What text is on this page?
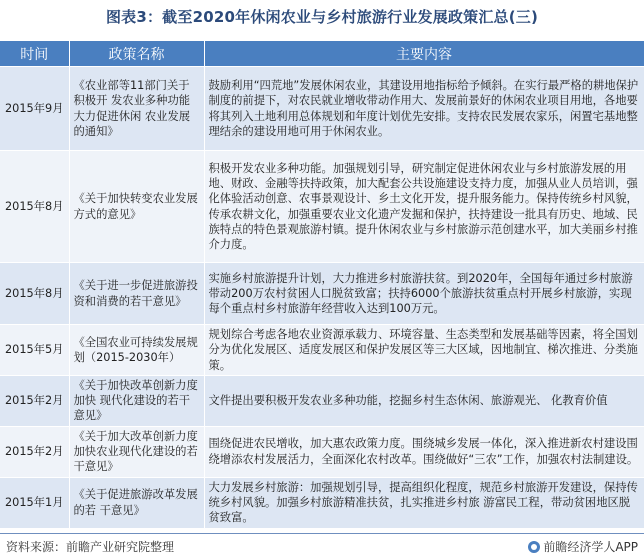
图表3：截至2020年休闲农业与乡村旅游行业发展政策汇总(三)
时间	政策名称	主要内容
2015年9月	《农业部等11部门关于积极开 发农业多种功能大力促进休闲 农业发展的通知》	鼓励利用“四荒地”发展休闲农业，其建设用地指标给予倾斜。在实行最严格的耕地保护制度的前提下，对农民就业增收带动作用大、发展前景好的休闲农业项目用地，各地要将其列入土地利用总体规划和年度计划优先安排。支持农民发展农家乐，闲置宅基地整理结余的建设用地可用于休闲农业。
2015年8月	《关于加快转变农业发展方式的意见》	积极开发农业多种功能。加强规划引导，研究制定促进休闲农业与乡村旅游发展的用地、财政、金融等扶持政策，加大配套公共设施建设支持力度，加强从业人员培训，强化体验活动创意、农事景观设计、乡土文化开发，提升服务能力。保持传统乡村风貌，传承农耕文化，加强重要农业文化遗产发掘和保护，扶持建设一批具有历史、地域、民族特点的特色景观旅游村镇。提升休闲农业与乡村旅游示范创建水平，加大美丽乡村推介力度。
2015年8月	《关于进一步促进旅游投资和消费的若干意见》	实施乡村旅游提升计划，大力推进乡村旅游扶贫。到2020年，全国每年通过乡村旅游带动200万农村贫困人口脱贫致富；扶持6000个旅游扶贫重点村开展乡村旅游，实现每个重点村乡村旅游年经营收入达到100万元。
2015年5月	《全国农业可持续发展规划（2015-2030年）	规划综合考虑各地农业资源承载力、环境容量、生态类型和发展基础等因素，将全国划分为优化发展区、适度发展区和保护发展区等三大区域，因地制宜、梯次推进、分类施策。
2015年2月	《关于加快改革创新力度加快 现代化建设的若干意见》	文件提出要积极开发农业多种功能，挖掘乡村生态休闲、旅游观光、 化教育价值
2015年2月	《关于加大改革创新力度加快农业现代化建设的若干意见》	围绕促进农民增收，加大惠农政策力度。围绕城乡发展一体化，深入推进新农村建设围绕增添农村发展活力，全面深化农村改革。围绕做好“三农”工作，加强农村法制建设。
2015年1月	《关于促进旅游改革发展的若 干意见》	大力发展乡村旅游：加强规划引导，提高组织化程度，规范乡村旅游开发建设，保持传统乡村风貌。加强乡村旅游精准扶贫，扎实推进乡村旅 游富民工程，带动贫困地区脱贫致富。
资料来源：前瞻产业研究院整理	前瞻经济学人APP
